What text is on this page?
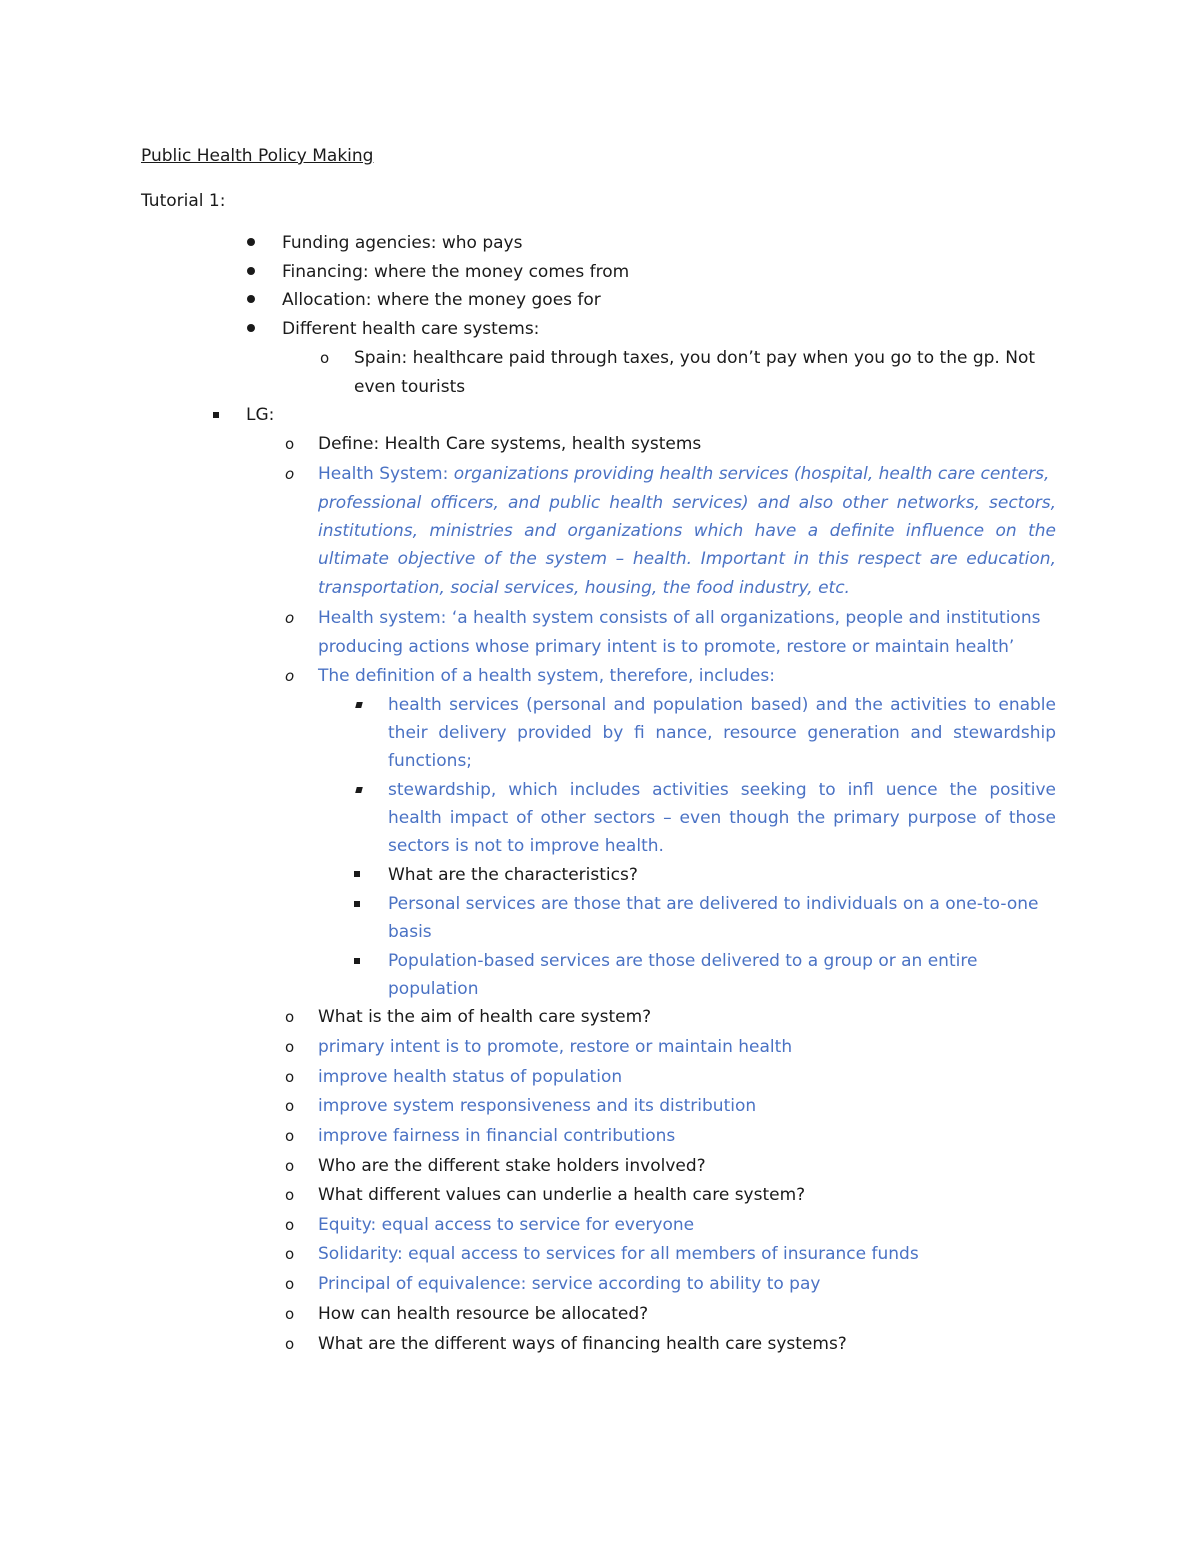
Public Health Policy Making
Tutorial 1:
Funding agencies: who pays
Financing: where the money comes from
Allocation: where the money goes for
Different health care systems:
o Spain: healthcare paid through taxes, you don’t pay when you go to the gp. Not
even tourists
LG:
o Define: Health Care systems, health systems
o Health System: organizations providing health services (hospital, health care centers,
professional officers, and public health services) and also other networks, sectors,
institutions, ministries and organizations which have a definite influence on the
ultimate objective of the system – health. Important in this respect are education,
transportation, social services, housing, the food industry, etc.
o Health system: ‘a health system consists of all organizations, people and institutions
producing actions whose primary intent is to promote, restore or maintain health’
o The definition of a health system, therefore, includes:
health services (personal and population based) and the activities to enable
their delivery provided by fi nance, resource generation and stewardship
functions;
stewardship, which includes activities seeking to infl uence the positive
health impact of other sectors – even though the primary purpose of those
sectors is not to improve health.
What are the characteristics?
Personal services are those that are delivered to individuals on a one-to-one
basis
Population-based services are those delivered to a group or an entire
population
o What is the aim of health care system?
o primary intent is to promote, restore or maintain health
o improve health status of population
o improve system responsiveness and its distribution
o improve fairness in financial contributions
o Who are the different stake holders involved?
o What different values can underlie a health care system?
o Equity: equal access to service for everyone
o Solidarity: equal access to services for all members of insurance funds
o Principal of equivalence: service according to ability to pay
o How can health resource be allocated?
o What are the different ways of financing health care systems?
